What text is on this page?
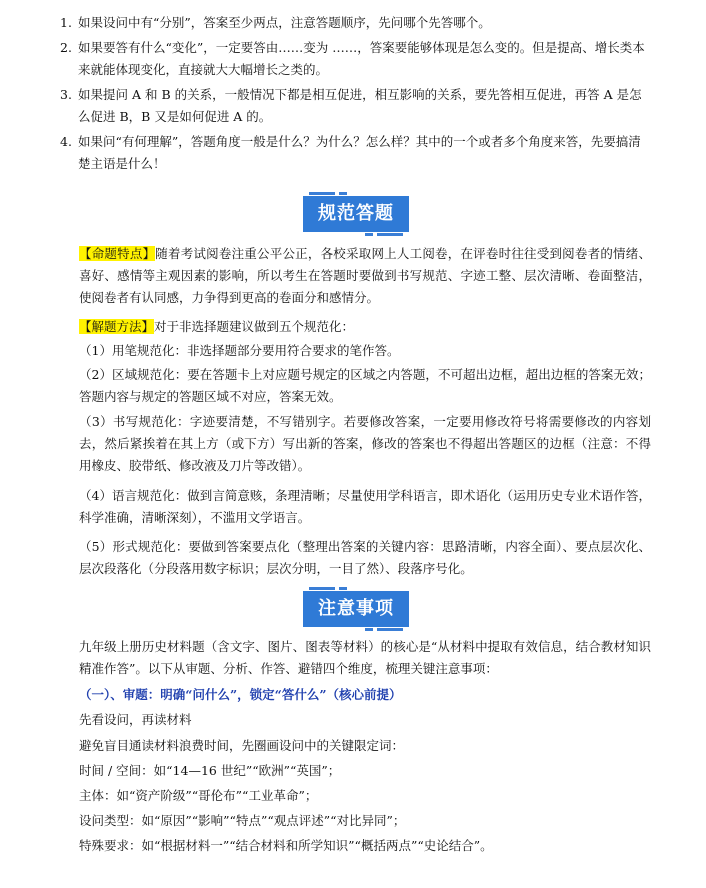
1. 如果设问中有“分别”，答案至少两点，注意答题顺序，先问哪个先答哪个。
2. 如果要答有什么“变化”，一定要答由……变为 ……，答案要能够体现是怎么变的。但是提高、增长类本来就能体现变化，直接就大大幅增长之类的。
3. 如果提问 A 和 B 的关系，一般情况下都是相互促进，相互影响的关系，要先答相互促进，再答 A 是怎么促进 B，B 又是如何促进 A 的。
4. 如果问“有何理解”，答题角度一般是什么？为什么？怎么样？其中的一个或者多个角度来答，先要搞清楚主语是什么！
规范答题
【命题特点】随着考试阅卷注重公平公正，各校采取网上人工阅卷，在评卷时往往受到阅卷者的情绪、喜好、感情等主观因素的影响，所以考生在答题时要做到书写规范、字迹工整、层次清晰、卷面整洁，使阅卷者有认同感，力争得到更高的卷面分和感情分。
【解题方法】对于非选择题建议做到五个规范化：
（1）用笔规范化：非选择题部分要用符合要求的笔作答。
（2）区域规范化：要在答题卡上对应题号规定的区域之内答题，不可超出边框，超出边框的答案无效；答题内容与规定的答题区域不对应，答案无效。
（3）书写规范化：字迹要清楚，不写错别字。若要修改答案，一定要用修改符号将需要修改的内容划去，然后紧挨着在其上方（或下方）写出新的答案，修改的答案也不得超出答题区的边框（注意：不得用橡皮、胶带纸、修改液及刀片等改错）。
（4）语言规范化：做到言简意赅，条理清晰；尽量使用学科语言，即术语化（运用历史专业术语作答，科学准确，清晰深刻），不滥用文学语言。
（5）形式规范化：要做到答案要点化（整理出答案的关键内容：思路清晰，内容全面）、要点层次化、层次段落化（分段落用数字标识；层次分明，一目了然）、段落序号化。
注意事项
九年级上册历史材料题（含文字、图片、图表等材料）的核心是“从材料中提取有效信息，结合教材知识精准作答”。以下从审题、分析、作答、避错四个维度，梳理关键注意事项：
（一）、审题：明确“问什么”，锁定“答什么”（核心前提）
先看设问，再读材料
避免盲目通读材料浪费时间，先圈画设问中的关键限定词：
时间 / 空间：如“14—16 世纪”“欧洲”“英国”；
主体：如“资产阶级”“哥伦布”“工业革命”；
设问类型：如“原因”“影响”“特点”“观点评述”“对比异同”；
特殊要求：如“根据材料一”“结合材料和所学知识”“概括两点”“史论结合”。
